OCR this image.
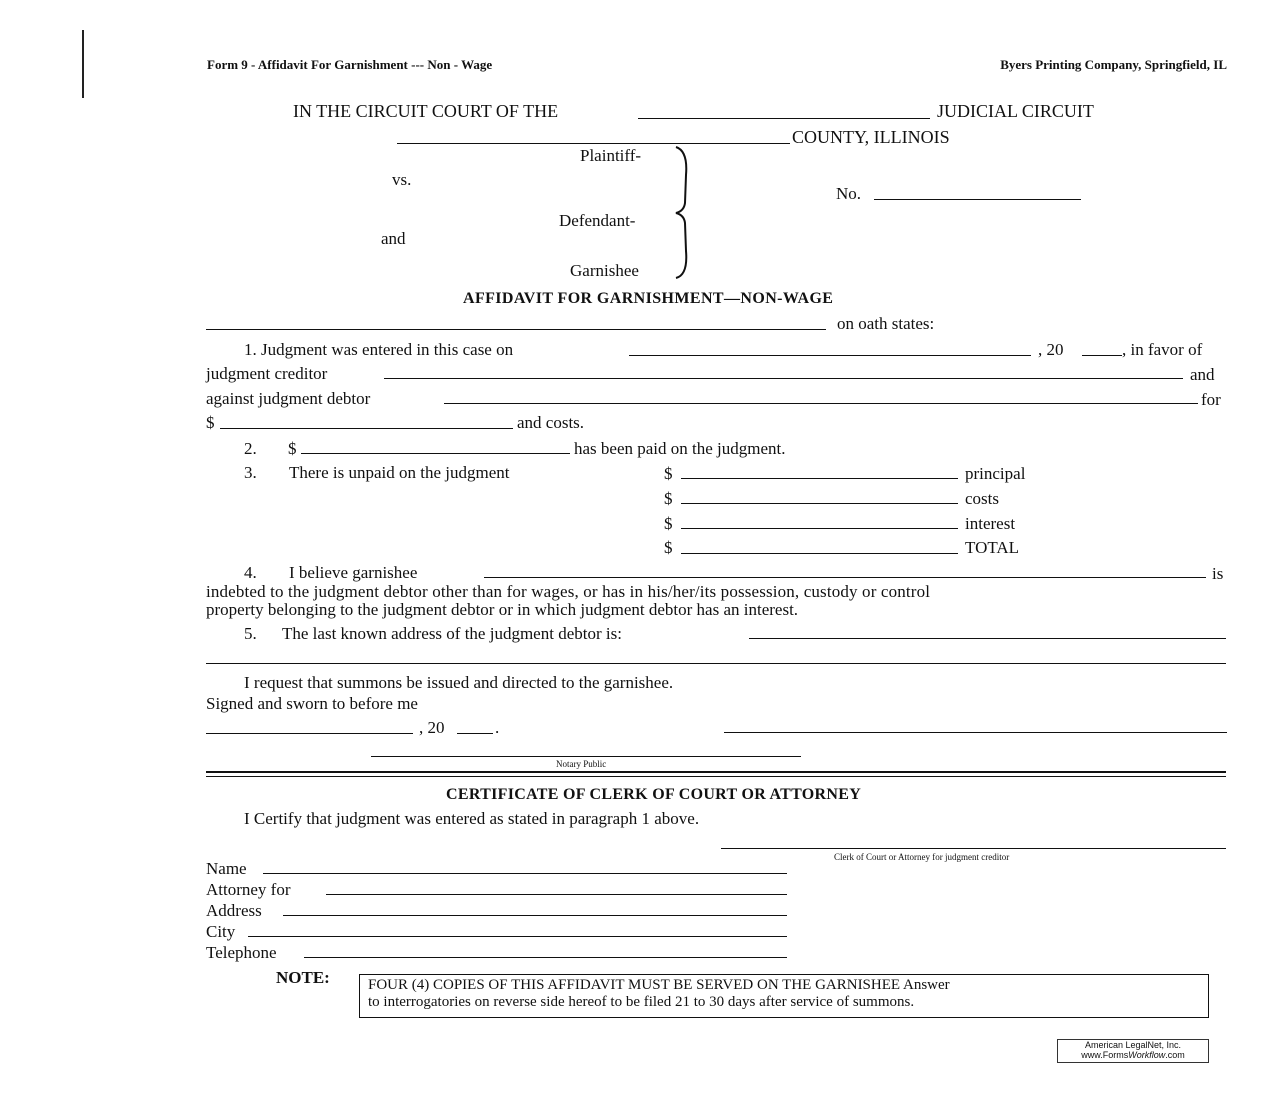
Form 9 - Affidavit For Garnishment --- Non - Wage	Byers Printing Company, Springfield, IL
IN THE CIRCUIT COURT OF THE	JUDICIAL CIRCUIT
COUNTY, ILLINOIS
Plaintiff-
vs.
Defendant-
and
Garnishee
No.
AFFIDAVIT FOR GARNISHMENT—NON-WAGE
on oath states:
1. Judgment was entered in this case on	, 20	, in favor of
judgment creditor	and
against judgment debtor	for
$	and costs.
2. $	has been paid on the judgment.
3. There is unpaid on the judgment	$	principal
$	costs
$	interest
$	TOTAL
4. I believe garnishee	is
indebted to the judgment debtor other than for wages, or has in his/her/its possession, custody or control
property belonging to the judgment debtor or in which judgment debtor has an interest.
5. The last known address of the judgment debtor is:
I request that summons be issued and directed to the garnishee.
Signed and sworn to before me
, 20	.
Notary Public
CERTIFICATE OF CLERK OF COURT OR ATTORNEY
I Certify that judgment was entered as stated in paragraph 1 above.
Clerk of Court or Attorney for judgment creditor
Name
Attorney for
Address
City
Telephone
NOTE:	FOUR (4) COPIES OF THIS AFFIDAVIT MUST BE SERVED ON THE GARNISHEE Answer
to interrogatories on reverse side hereof to be filed 21 to 30 days after service of summons.
American LegalNet, Inc.
www.FormsWorkflow.com
